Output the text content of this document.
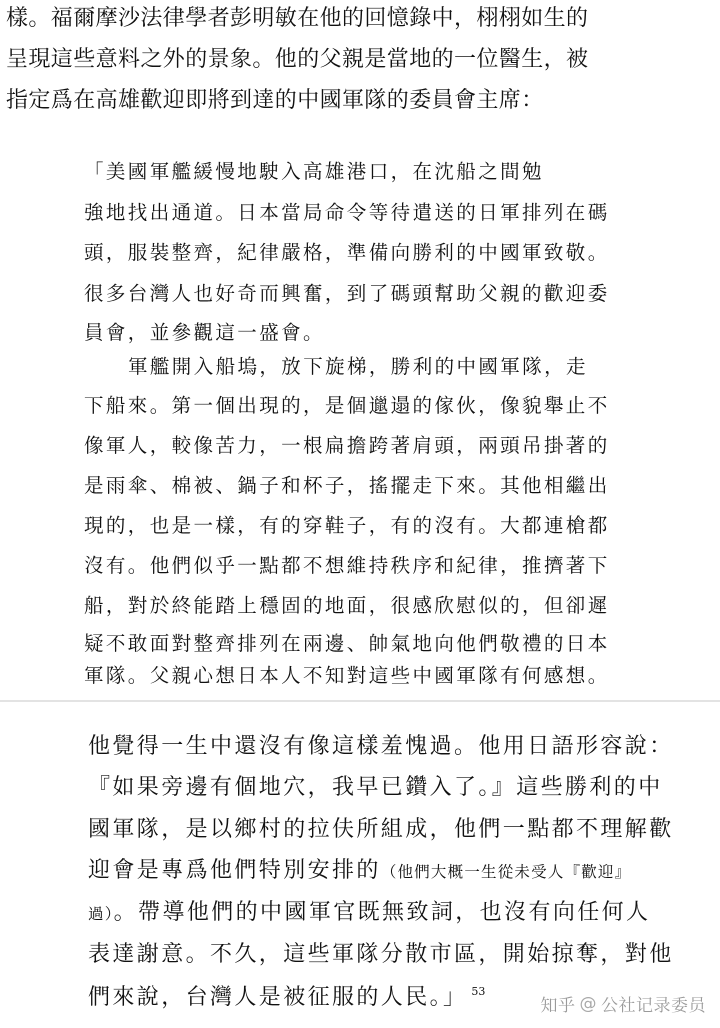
樣。福爾摩沙法律學者彭明敏在他的回憶錄中，栩栩如生的
呈現這些意料之外的景象。他的父親是當地的一位醫生，被
指定爲在高雄歡迎即將到達的中國軍隊的委員會主席：
「美國軍艦緩慢地駛入高雄港口，在沈船之間勉
強地找出通道。日本當局命令等待遣送的日軍排列在碼
頭，服裝整齊，紀律嚴格，準備向勝利的中國軍致敬。
很多台灣人也好奇而興奮，到了碼頭幫助父親的歡迎委
員會，並參觀這一盛會。
軍艦開入船塢，放下旋梯，勝利的中國軍隊，走
下船來。第一個出現的，是個邋遢的傢伙，像貌舉止不
像軍人，較像苦力，一根扁擔跨著肩頭，兩頭吊掛著的
是雨傘、棉被、鍋子和杯子，搖擺走下來。其他相繼出
現的，也是一樣，有的穿鞋子，有的沒有。大都連槍都
沒有。他們似乎一點都不想維持秩序和紀律，推擠著下
船，對於終能踏上穩固的地面，很感欣慰似的，但卻遲
疑不敢面對整齊排列在兩邊、帥氣地向他們敬禮的日本
軍隊。父親心想日本人不知對這些中國軍隊有何感想。
他覺得一生中還沒有像這樣羞愧過。他用日語形容說：
『如果旁邊有個地穴，我早已鑽入了。』這些勝利的中
國軍隊，是以鄉村的拉伕所組成，他們一點都不理解歡
迎會是專爲他們特別安排的（他們大概一生從未受人『歡迎』
過）。帶導他們的中國軍官既無致詞，也沒有向任何人
表達謝意。不久，這些軍隊分散市區，開始掠奪，對他
們來說，台灣人是被征服的人民。」 $^{53}$
知乎 @ 公社记录委员
